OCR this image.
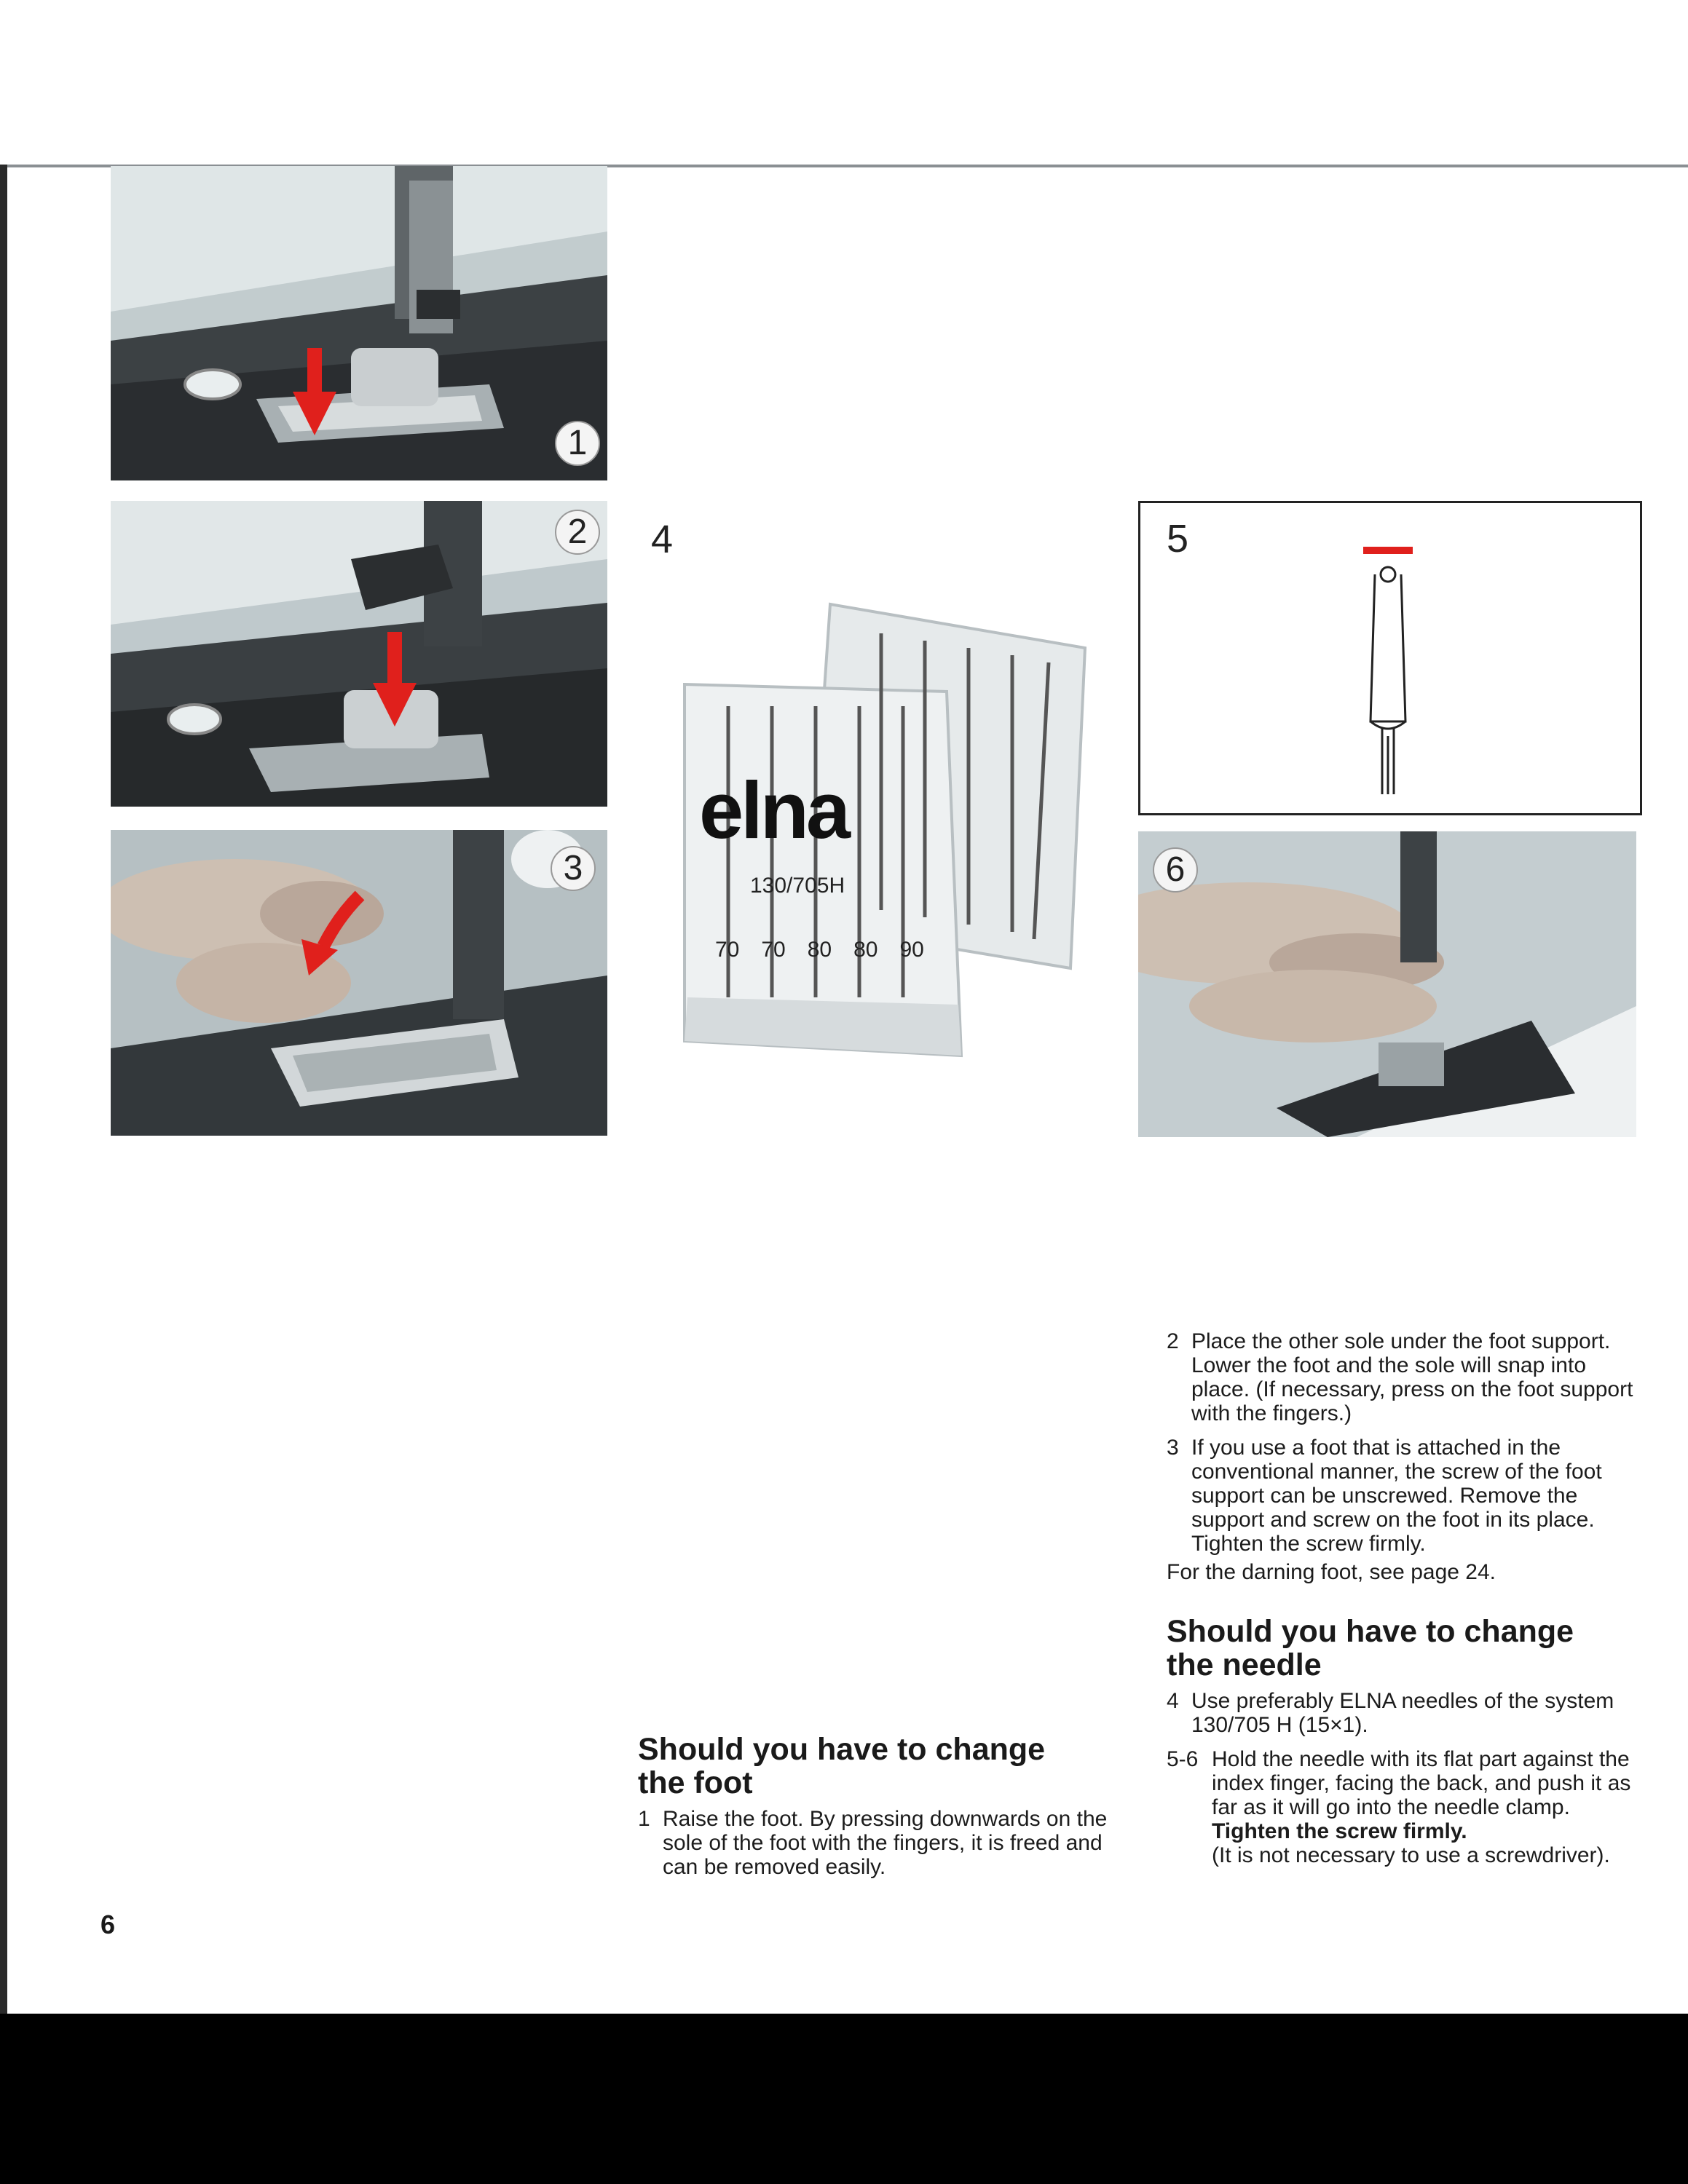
1
2
3
4
elna
130/705H
70 70 80 80 90
5
6
Should you have to change
the foot
1 Raise the foot. By pressing downwards on the sole of the foot with the fingers, it is freed and can be removed easily.
2 Place the other sole under the foot support. Lower the foot and the sole will snap into place. (If necessary, press on the foot support with the fingers.)
3 If you use a foot that is attached in the conventional manner, the screw of the foot support can be unscrewed. Remove the support and screw on the foot in its place. Tighten the screw firmly.

For the darning foot, see page 24.

Should you have to change
the needle
4 Use preferably ELNA needles of the system 130/705 H (15×1).
5-6 Hold the needle with its flat part against the index finger, facing the back, and push it as far as it will go into the needle clamp.
Tighten the screw firmly.
(It is not necessary to use a screwdriver).
6
